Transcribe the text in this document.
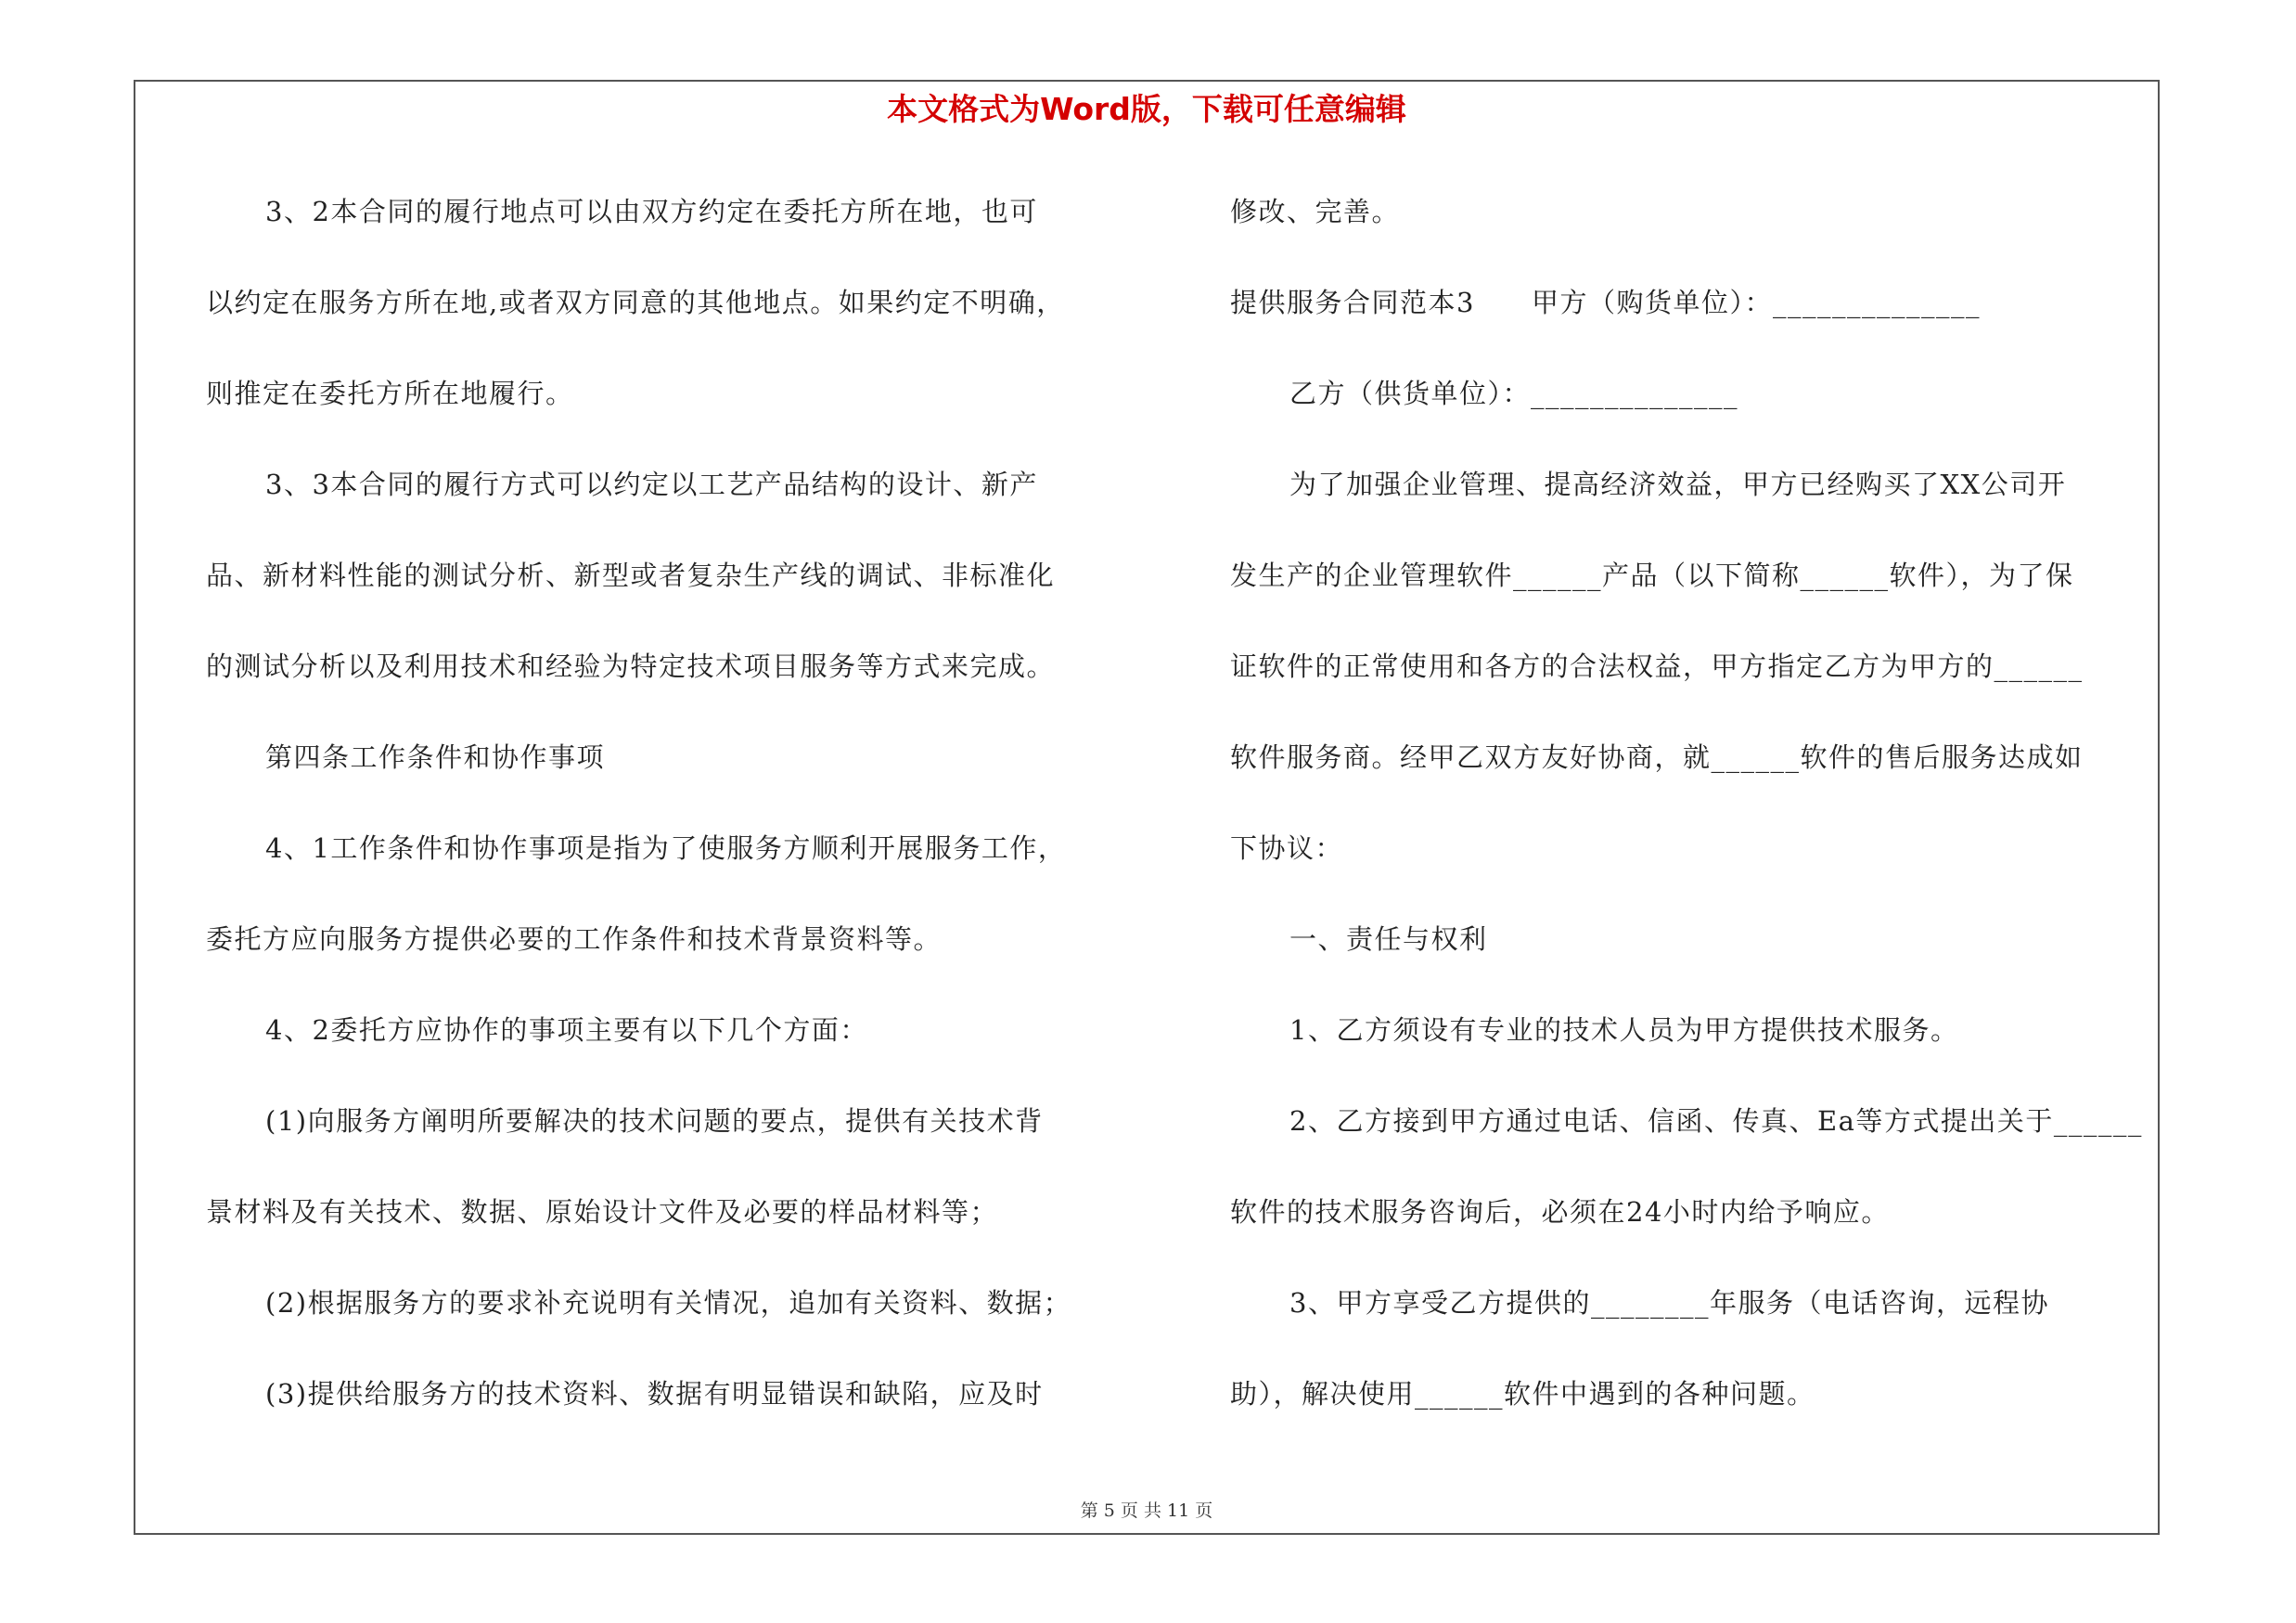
本文格式为Word版，下载可任意编辑
3、2本合同的履行地点可以由双方约定在委托方所在地，也可
以约定在服务方所在地,或者双方同意的其他地点。如果约定不明确，
则推定在委托方所在地履行。
3、3本合同的履行方式可以约定以工艺产品结构的设计、新产
品、新材料性能的测试分析、新型或者复杂生产线的调试、非标准化
的测试分析以及利用技术和经验为特定技术项目服务等方式来完成。
第四条工作条件和协作事项
4、1工作条件和协作事项是指为了使服务方顺利开展服务工作，
委托方应向服务方提供必要的工作条件和技术背景资料等。
4、2委托方应协作的事项主要有以下几个方面：
(1)向服务方阐明所要解决的技术问题的要点，提供有关技术背
景材料及有关技术、数据、原始设计文件及必要的样品材料等；
(2)根据服务方的要求补充说明有关情况，追加有关资料、数据；
(3)提供给服务方的技术资料、数据有明显错误和缺陷，应及时
修改、完善。
提供服务合同范本3　　甲方（购货单位）：______________
乙方（供货单位）：______________
为了加强企业管理、提高经济效益，甲方已经购买了XX公司开
发生产的企业管理软件______产品（以下简称______软件），为了保
证软件的正常使用和各方的合法权益，甲方指定乙方为甲方的______
软件服务商。经甲乙双方友好协商，就______软件的售后服务达成如
下协议：
一、责任与权利
1、乙方须设有专业的技术人员为甲方提供技术服务。
2、乙方接到甲方通过电话、信函、传真、Ea等方式提出关于______
软件的技术服务咨询后，必须在24小时内给予响应。
3、甲方享受乙方提供的________年服务（电话咨询，远程协
助），解决使用______软件中遇到的各种问题。
第 5 页 共 11 页
